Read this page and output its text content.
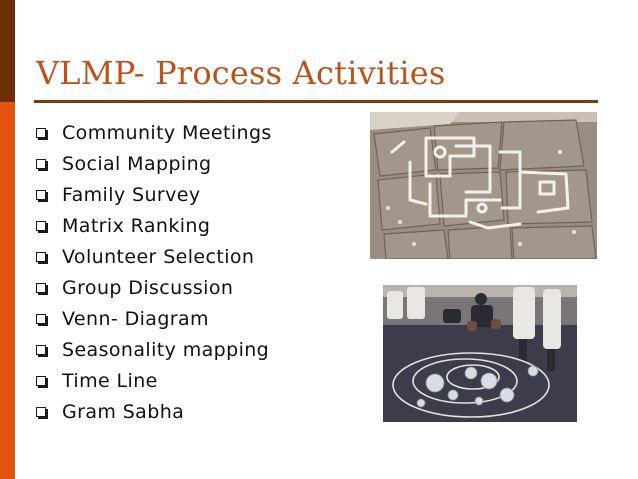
VLMP- Process Activities
Community Meetings
Social Mapping
Family Survey
Matrix Ranking
Volunteer Selection
Group Discussion
Venn- Diagram
Seasonality mapping
Time Line
Gram Sabha
